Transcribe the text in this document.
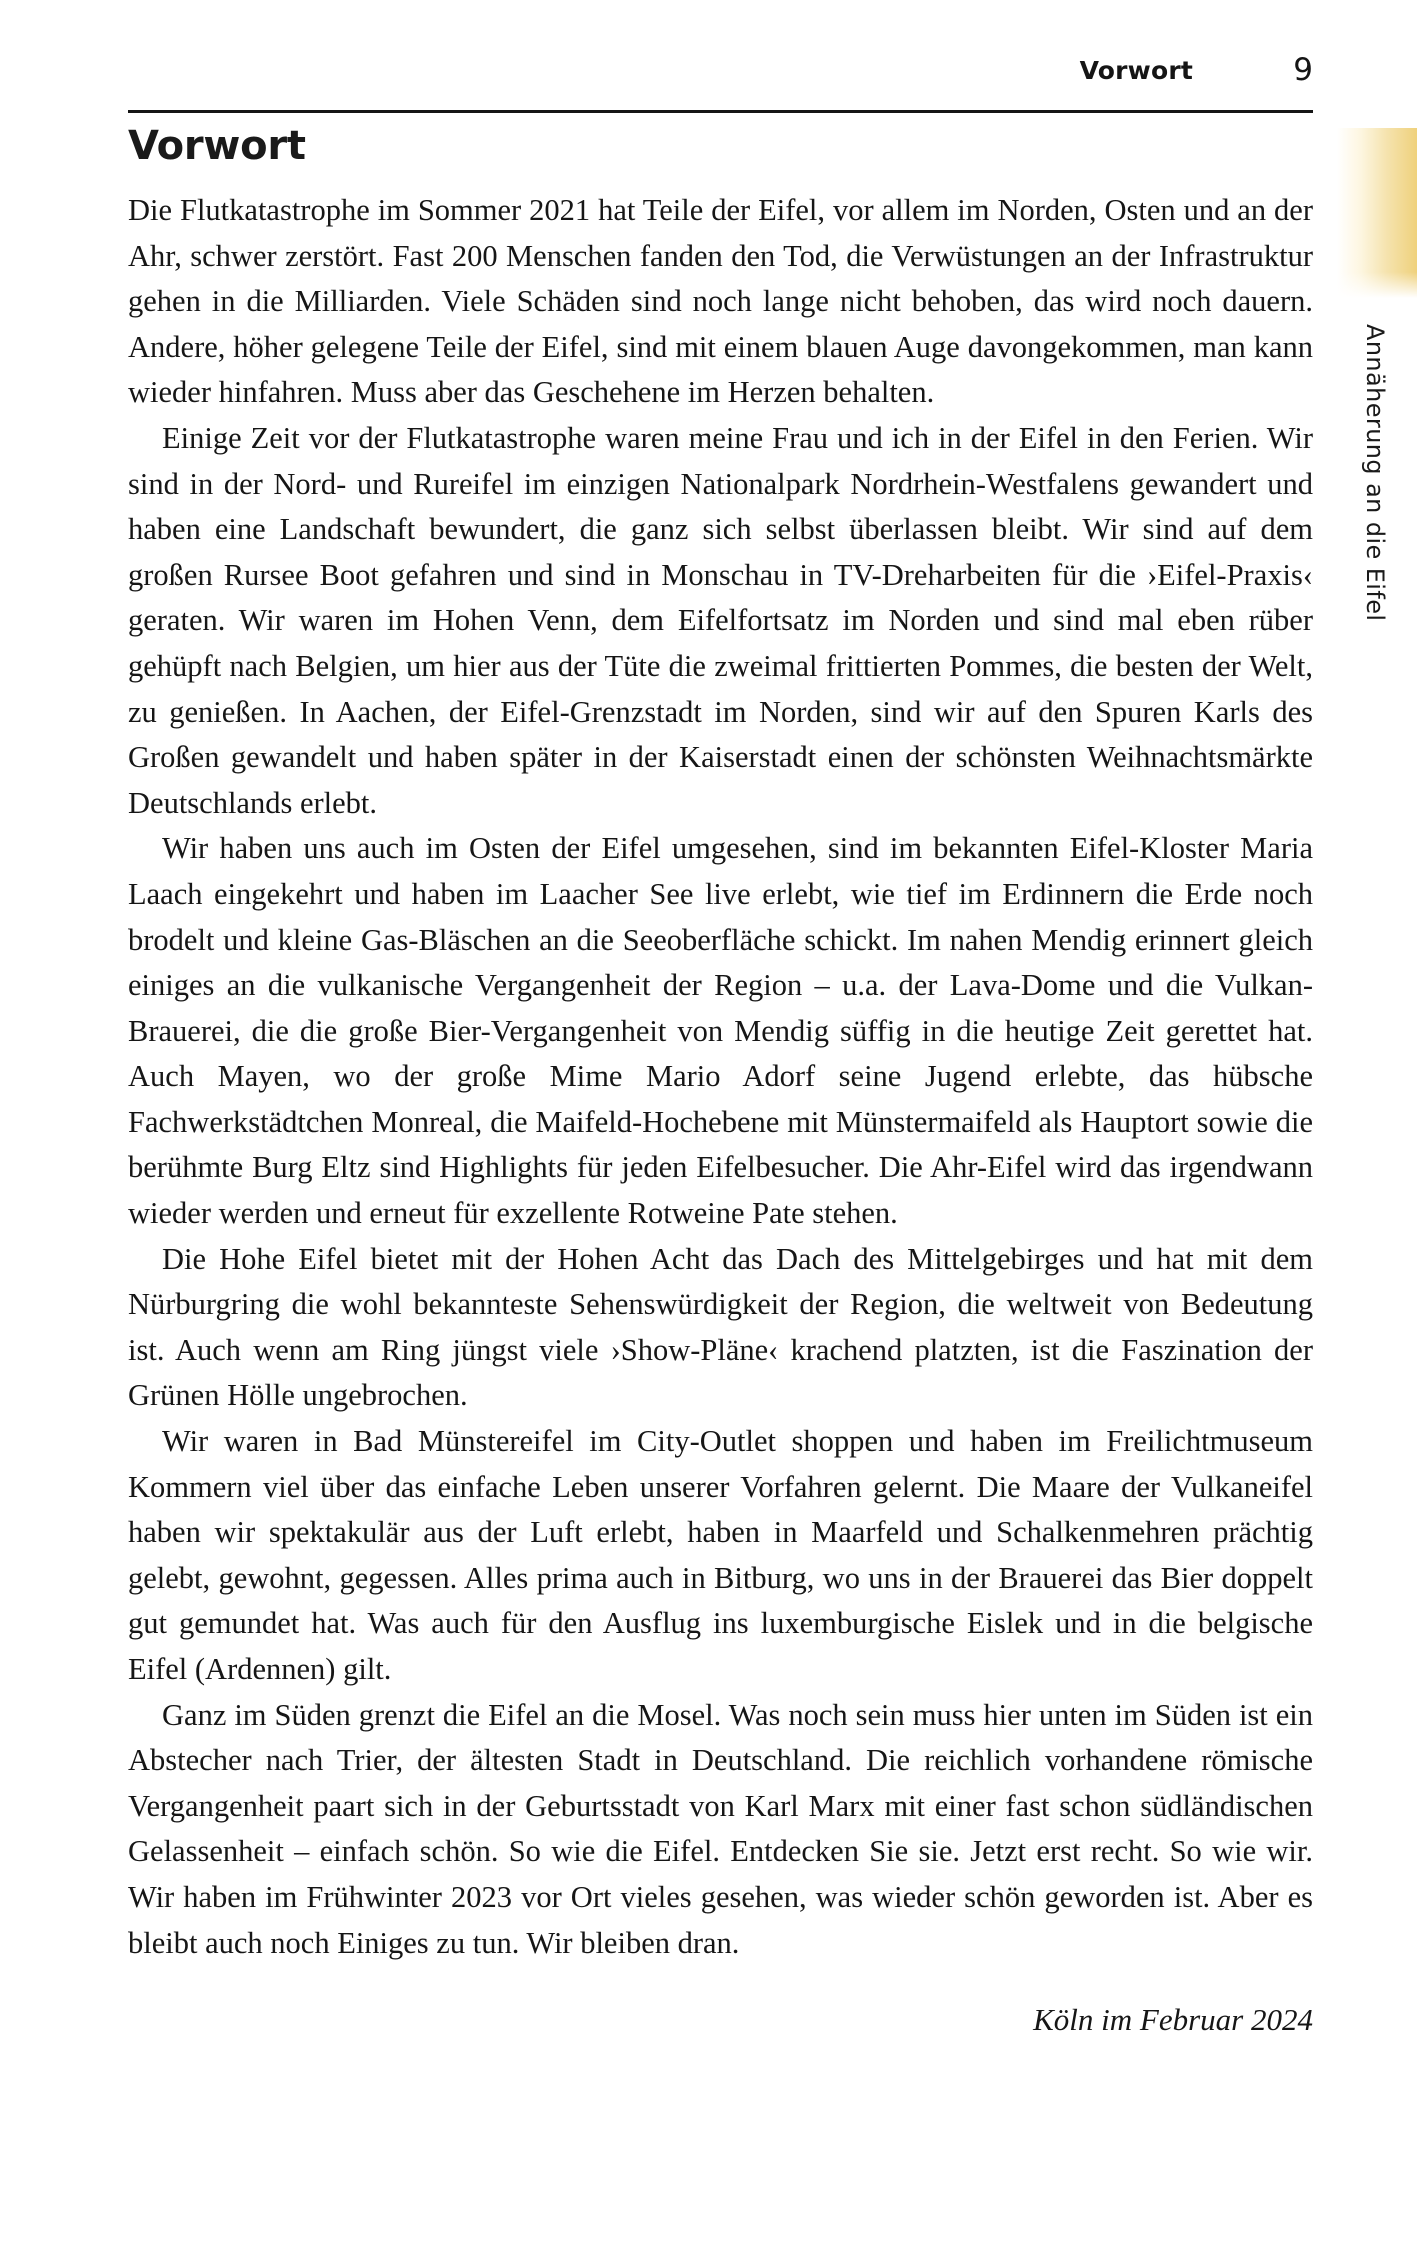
Vorwort	9
Vorwort

Die Flutkatastrophe im Sommer 2021 hat Teile der Eifel, vor allem im Norden, Osten und an der Ahr, schwer zerstört. Fast 200 Menschen fanden den Tod, die Verwüstungen an der Infrastruktur gehen in die Milliarden. Viele Schäden sind noch lange nicht behoben, das wird noch dauern. Andere, höher gelegene Teile der Eifel, sind mit einem blauen Auge davongekommen, man kann wieder hinfahren. Muss aber das Geschehene im Herzen behalten.

Einige Zeit vor der Flutkatastrophe waren meine Frau und ich in der Eifel in den Ferien. Wir sind in der Nord- und Rureifel im einzigen Nationalpark Nordrhein-Westfalens gewandert und haben eine Landschaft bewundert, die ganz sich selbst überlassen bleibt. Wir sind auf dem großen Rursee Boot gefahren und sind in Monschau in TV-Dreharbeiten für die ›Eifel-Praxis‹ geraten. Wir waren im Hohen Venn, dem Eifelfortsatz im Norden und sind mal eben rüber gehüpft nach Belgien, um hier aus der Tüte die zweimal frittierten Pommes, die besten der Welt, zu genießen. In Aachen, der Eifel-Grenzstadt im Norden, sind wir auf den Spuren Karls des Großen gewandelt und haben später in der Kaiserstadt einen der schönsten Weihnachtsmärkte Deutschlands erlebt.

Wir haben uns auch im Osten der Eifel umgesehen, sind im bekannten Eifel-Kloster Maria Laach eingekehrt und haben im Laacher See live erlebt, wie tief im Erdinnern die Erde noch brodelt und kleine Gas-Bläschen an die Seeoberfläche schickt. Im nahen Mendig erinnert gleich einiges an die vulkanische Vergangenheit der Region – u.a. der Lava-Dome und die Vulkan-Brauerei, die die große Bier-Vergangenheit von Mendig süffig in die heutige Zeit gerettet hat. Auch Mayen, wo der große Mime Mario Adorf seine Jugend erlebte, das hübsche Fachwerkstädtchen Monreal, die Maifeld-Hochebene mit Münstermaifeld als Hauptort sowie die berühmte Burg Eltz sind Highlights für jeden Eifelbesucher. Die Ahr-Eifel wird das irgendwann wieder werden und erneut für exzellente Rotweine Pate stehen.

Die Hohe Eifel bietet mit der Hohen Acht das Dach des Mittelgebirges und hat mit dem Nürburgring die wohl bekannteste Sehenswürdigkeit der Region, die weltweit von Bedeutung ist. Auch wenn am Ring jüngst viele ›Show-Pläne‹ krachend platzten, ist die Faszination der Grünen Hölle ungebrochen.

Wir waren in Bad Münstereifel im City-Outlet shoppen und haben im Freilichtmuseum Kommern viel über das einfache Leben unserer Vorfahren gelernt. Die Maare der Vulkaneifel haben wir spektakulär aus der Luft erlebt, haben in Maarfeld und Schalkenmehren prächtig gelebt, gewohnt, gegessen. Alles prima auch in Bitburg, wo uns in der Brauerei das Bier doppelt gut gemundet hat. Was auch für den Ausflug ins luxemburgische Eislek und in die belgische Eifel (Ardennen) gilt.

Ganz im Süden grenzt die Eifel an die Mosel. Was noch sein muss hier unten im Süden ist ein Abstecher nach Trier, der ältesten Stadt in Deutschland. Die reichlich vorhandene römische Vergangenheit paart sich in der Geburtsstadt von Karl Marx mit einer fast schon südländischen Gelassenheit – einfach schön. So wie die Eifel. Entdecken Sie sie. Jetzt erst recht. So wie wir. Wir haben im Frühwinter 2023 vor Ort vieles gesehen, was wieder schön geworden ist. Aber es bleibt auch noch Einiges zu tun. Wir bleiben dran.

Köln im Februar 2024
Annäherung an die Eifel
